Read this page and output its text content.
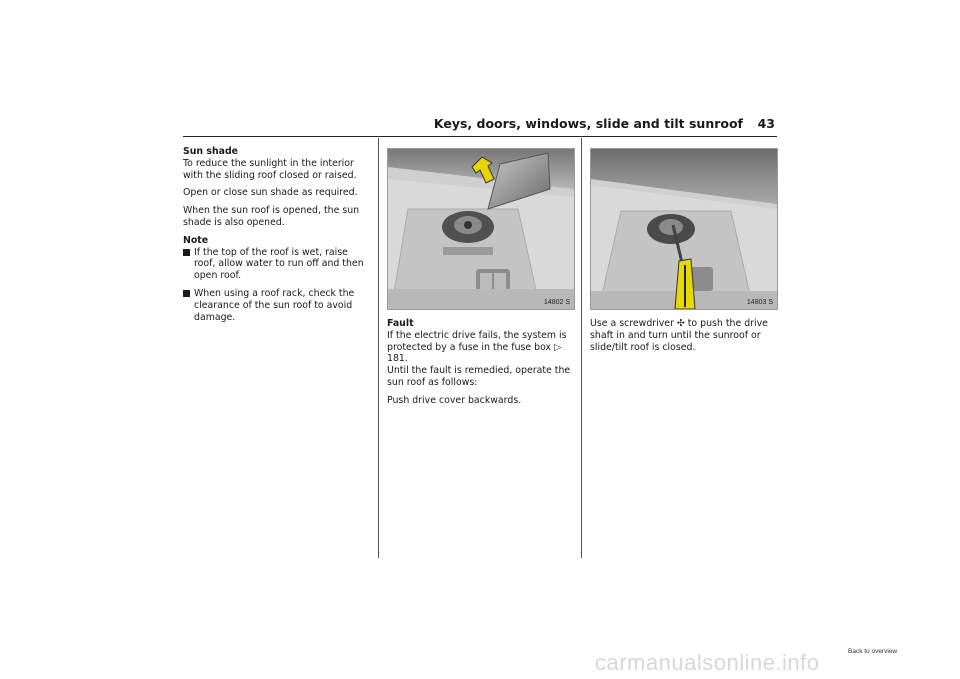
Keys, doors, windows, slide and tilt sunroof 43
Sun shade

To reduce the sunlight in the interior with the sliding roof closed or raised.

Open or close sun shade as required.

When the sun roof is opened, the sun shade is also opened.

Note
If the top of the roof is wet, raise roof, allow water to run off and then open roof.
When using a roof rack, check the clearance of the sun roof to avoid damage.
14802 S
Fault
If the electric drive fails, the system is protected by a fuse in the fuse box ▷ 181.

Until the fault is remedied, operate the sun roof as follows:

Push drive cover backwards.

14803 S

Use a screwdriver ✣ to push the drive shaft in and turn until the sunroof or slide/tilt roof is closed.

carmanualsonline.info	Back to overview
